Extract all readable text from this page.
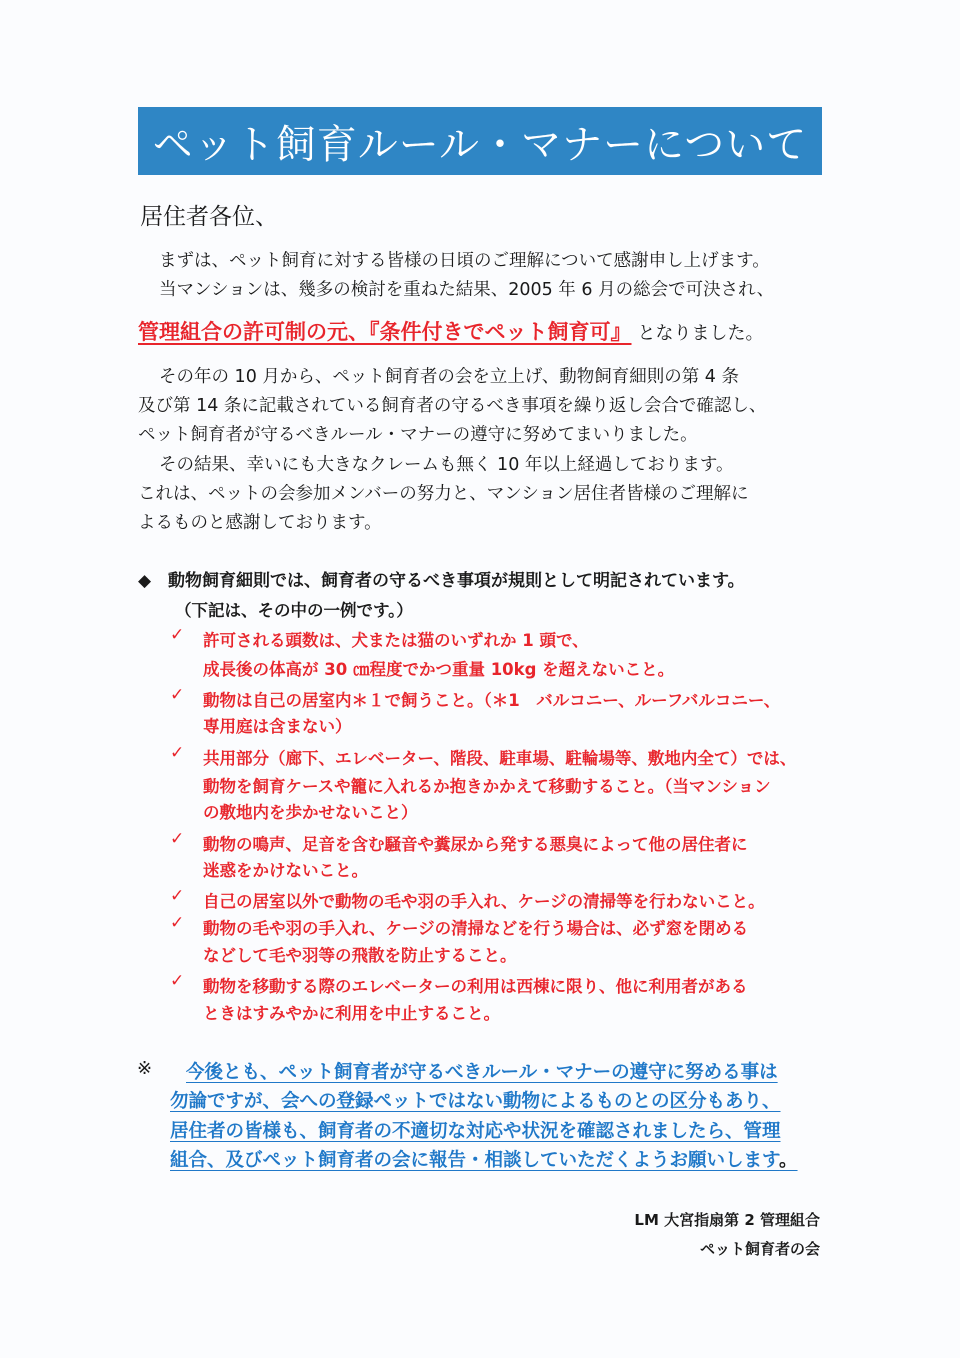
ペット飼育ルール・マナーについて
居住者各位、
まずは、ペット飼育に対する皆様の日頃のご理解について感謝申し上げます。
当マンションは、幾多の検討を重ねた結果、2005 年 6 月の総会で可決され、
管理組合の許可制の元、『条件付きでペット飼育可』 となりました。
その年の 10 月から、ペット飼育者の会を立上げ、動物飼育細則の第 4 条
及び第 14 条に記載されている飼育者の守るべき事項を繰り返し会合で確認し、
ペット飼育者が守るべきルール・マナーの遵守に努めてまいりました。
その結果、幸いにも大きなクレームも無く 10 年以上経過しております。
これは、ペットの会参加メンバーの努力と、マンション居住者皆様のご理解に
よるものと感謝しております。
◆ 動物飼育細則では、飼育者の守るべき事項が規則として明記されています。
（下記は、その中の一例です。）
✓ 許可される頭数は、犬または猫のいずれか 1 頭で、
成長後の体高が 30 ㎝程度でかつ重量 10kg を超えないこと。
✓ 動物は自己の居室内＊１で飼うこと。（＊1　バルコニー、ルーフバルコニー、
専用庭は含まない）
✓ 共用部分（廊下、エレベーター、階段、駐車場、駐輪場等、敷地内全て）では、
動物を飼育ケースや籠に入れるか抱きかかえて移動すること。（当マンション
の敷地内を歩かせないこと）
✓ 動物の鳴声、足音を含む騒音や糞尿から発する悪臭によって他の居住者に
迷惑をかけないこと。
✓ 自己の居室以外で動物の毛や羽の手入れ、ケージの清掃等を行わないこと。
✓ 動物の毛や羽の手入れ、ケージの清掃などを行う場合は、必ず窓を閉める
などして毛や羽等の飛散を防止すること。
✓ 動物を移動する際のエレベーターの利用は西棟に限り、他に利用者がある
ときはすみやかに利用を中止すること。
※ 今後とも、ペット飼育者が守るべきルール・マナーの遵守に努める事は
勿論ですが、会への登録ペットではない動物によるものとの区分もあり、
居住者の皆様も、飼育者の不適切な対応や状況を確認されましたら、管理
組合、及びペット飼育者の会に報告・相談していただくようお願いします。
LM 大宮指扇第 2 管理組合
ペット飼育者の会
